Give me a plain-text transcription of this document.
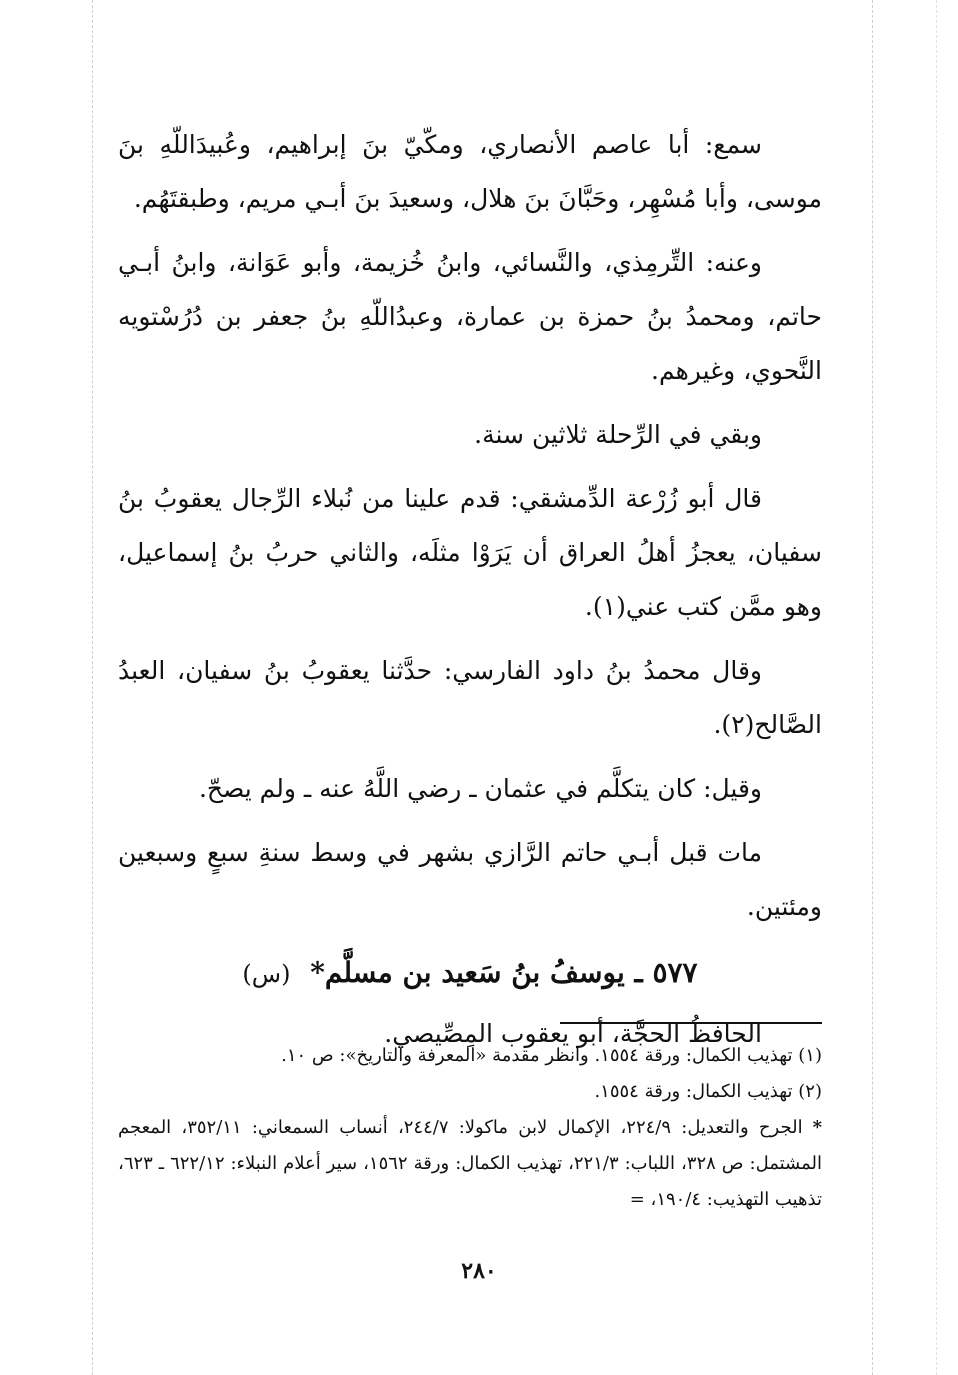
سمع: أبا عاصم الأنصاري، ومكّيّ بنَ إبراهيم، وعُبيدَاللّهِ بنَ موسى، وأبا مُسْهِر، وحَبَّانَ بنَ هلال، وسعيدَ بنَ أبـي مريم، وطبقتَهُم.

وعنه: التِّرمِذي، والنَّسائي، وابنُ خُزيمة، وأبو عَوَانة، وابنُ أبـي حاتم، ومحمدُ بنُ حمزة بن عمارة، وعبدُاللّهِ بنُ جعفر بن دُرُسْتويه النَّحوي، وغيرهم.

وبقي في الرِّحلة ثلاثين سنة.

قال أبو زُرْعة الدِّمشقي: قدم علينا من نُبلاء الرِّجال يعقوبُ بنُ سفيان، يعجزُ أهلُ العراق أن يَرَوْا مثلَه، والثاني حربُ بنُ إسماعيل، وهو ممَّن كتب عني(١).

وقال محمدُ بنُ داود الفارسي: حدَّثنا يعقوبُ بنُ سفيان، العبدُ الصَّالح(٢).

وقيل: كان يتكلَّم في عثمان ـ رضي اللَّهُ عنه ـ ولم يصحّ.

مات قبل أبـي حاتم الرَّازي بشهر في وسط سنةِ سبعٍ وسبعين ومئتين.

٥٧٧ ـ يوسفُ بنُ سَعيد بن مسلَّم* (س)

الحافظُ الحجَّة، أبو يعقوب المِصِّيصي.

(١) تهذيب الكمال: ورقة ١٥٥٤. وانظر مقدمة «المعرفة والتاريخ»: ص ١٠.

(٢) تهذيب الكمال: ورقة ١٥٥٤.

*الجرح والتعديل: ٢٢٤/٩، الإكمال لابن ماكولا: ٢٤٤/٧، أنساب السمعاني: ٣٥٢/١١، المعجم المشتمل: ص ٣٢٨، اللباب: ٢٢١/٣، تهذيب الكمال: ورقة ١٥٦٢، سير أعلام النبلاء: ٦٢٢/١٢ ـ ٦٢٣، تذهيب التهذيب: ١٩٠/٤، =

٢٨٠
